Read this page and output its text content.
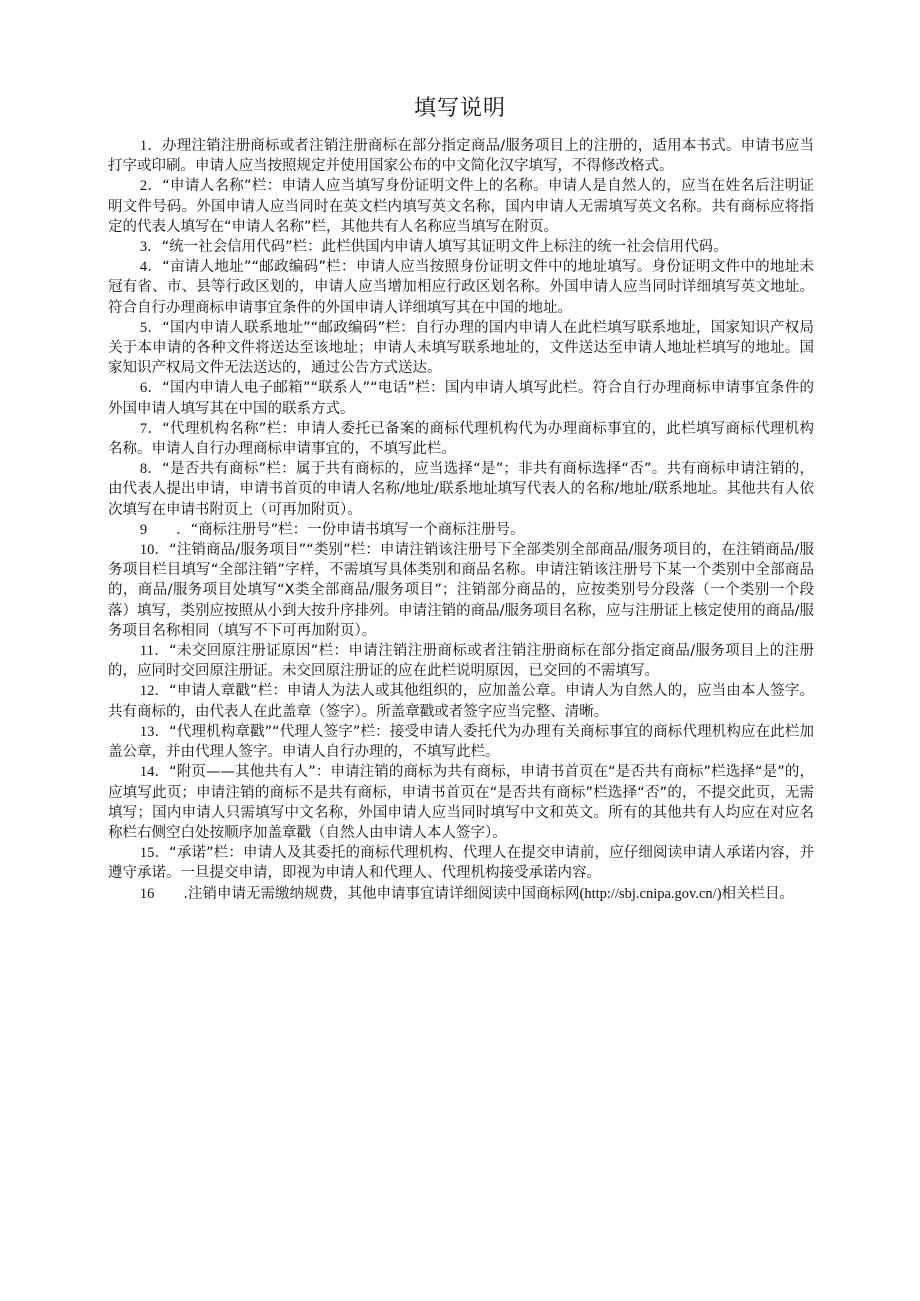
填写说明

1．办理注销注册商标或者注销注册商标在部分指定商品/服务项目上的注册的，适用本书式。申请书应当打字或印刷。申请人应当按照规定并使用国家公布的中文简化汉字填写，不得修改格式。

2．“申请人名称”栏：申请人应当填写身份证明文件上的名称。申请人是自然人的，应当在姓名后注明证明文件号码。外国申请人应当同时在英文栏内填写英文名称，国内申请人无需填写英文名称。共有商标应将指定的代表人填写在“申请人名称”栏，其他共有人名称应当填写在附页。

3．“统一社会信用代码”栏：此栏供国内申请人填写其证明文件上标注的统一社会信用代码。

4．“亩请人地址”“邮政编码”栏：申请人应当按照身份证明文件中的地址填写。身份证明文件中的地址未冠有省、市、县等行政区划的，申请人应当增加相应行政区划名称。外国申请人应当同时详细填写英文地址。符合自行办理商标申请事宜条件的外国申请人详细填写其在中国的地址。

5．“国内申请人联系地址”“邮政编码”栏：自行办理的国内申请人在此栏填写联系地址，国家知识产权局关于本申请的各种文件将送达至该地址；申请人未填写联系地址的，文件送达至申请人地址栏填写的地址。国家知识产权局文件无法送达的，通过公告方式送达。

6．“国内申请人电子邮箱”“联系人”“电话”栏：国内申请人填写此栏。符合自行办理商标申请事宜条件的外国申请人填写其在中国的联系方式。

7．“代理机构名称”栏：申请人委托已备案的商标代理机构代为办理商标事宜的，此栏填写商标代理机构名称。申请人自行办理商标申请事宜的，不填写此栏。

8．“是否共有商标”栏：属于共有商标的，应当选择“是”；非共有商标选择“否”。共有商标申请注销的，由代表人提出申请，申请书首页的申请人名称/地址/联系地址填写代表人的名称/地址/联系地址。其他共有人依次填写在申请书附页上（可再加附页）。

9　　．“商标注册号”栏：一份申请书填写一个商标注册号。

10．“注销商品/服务项目”“类别”栏：申请注销该注册号下全部类别全部商品/服务项目的，在注销商品/服务项目栏目填写“全部注销”字样，不需填写具体类别和商品名称。申请注销该注册号下某一个类别中全部商品的，商品/服务项目处填写“X类全部商品/服务项目”；注销部分商品的，应按类别号分段落（一个类别一个段落）填写，类别应按照从小到大按升序排列。申请注销的商品/服务项目名称，应与注册证上核定使用的商品/服务项目名称相同（填写不下可再加附页）。

11．“未交回原注册证原因”栏：申请注销注册商标或者注销注册商标在部分指定商品/服务项目上的注册的，应同时交回原注册证。未交回原注册证的应在此栏说明原因，已交回的不需填写。

12．“申请人章戳”栏：申请人为法人或其他组织的，应加盖公章。申请人为自然人的，应当由本人签字。共有商标的，由代表人在此盖章（签字）。所盖章戳或者签字应当完整、清晰。

13．“代理机构章戳”“代理人签字”栏：接受申请人委托代为办理有关商标事宜的商标代理机构应在此栏加盖公章，并由代理人签字。申请人自行办理的，不填写此栏。

14．“附页——其他共有人”：申请注销的商标为共有商标，申请书首页在“是否共有商标”栏选择“是”的，应填写此页；申请注销的商标不是共有商标，申请书首页在“是否共有商标”栏选择“否”的，不提交此页，无需填写；国内申请人只需填写中文名称，外国申请人应当同时填写中文和英文。所有的其他共有人均应在对应名称栏右侧空白处按顺序加盖章戳（自然人由申请人本人签字）。

15．“承诺”栏：申请人及其委托的商标代理机构、代理人在提交申请前，应仔细阅读申请人承诺内容，并遵守承诺。一旦提交申请，即视为申请人和代理人、代理机构接受承诺内容。

16　　.注销申请无需缴纳规费，其他申请事宜请详细阅读中国商标网(http://sbj.cnipa.gov.cn/)相关栏目。
